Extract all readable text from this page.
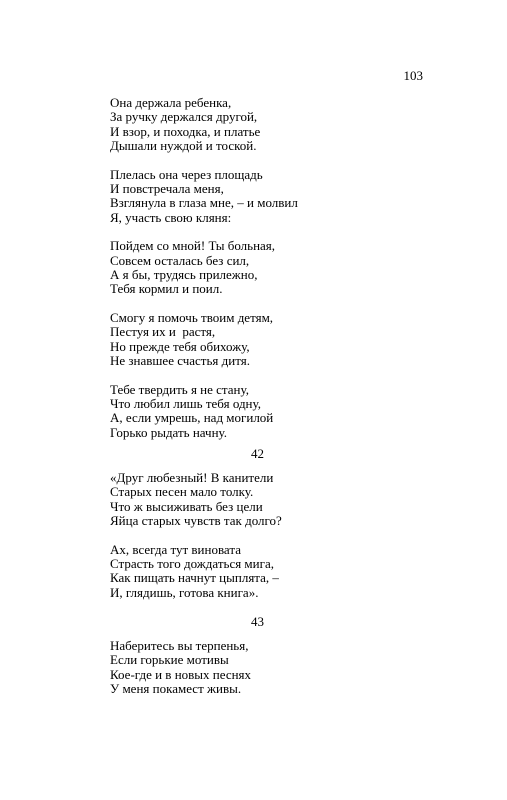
103
Она держала ребенка,
За ручку держался другой,
И взор, и походка, и платье
Дышали нуждой и тоской.
Плелась она через площадь
И повстречала меня,
Взглянула в глаза мне, – и молвил
Я, участь свою кляня:
Пойдем со мной! Ты больная,
Совсем осталась без сил,
А я бы, трудясь прилежно,
Тебя кормил и поил.
Смогу я помочь твоим детям,
Пестуя их и  растя,
Но прежде тебя обихожу,
Не знавшее счастья дитя.
Тебе твердить я не стану,
Что любил лишь тебя одну,
А, если умрешь, над могилой
Горько рыдать начну.
42
«Друг любезный! В канители
Старых песен мало толку.
Что ж высиживать без цели
Яйца старых чувств так долго?
Ах, всегда тут виновата
Страсть того дождаться мига,
Как пищать начнут цыплята, –
И, глядишь, готова книга».
43
Наберитесь вы терпенья,
Если горькие мотивы
Кое-где и в новых песнях
У меня покамест живы.
